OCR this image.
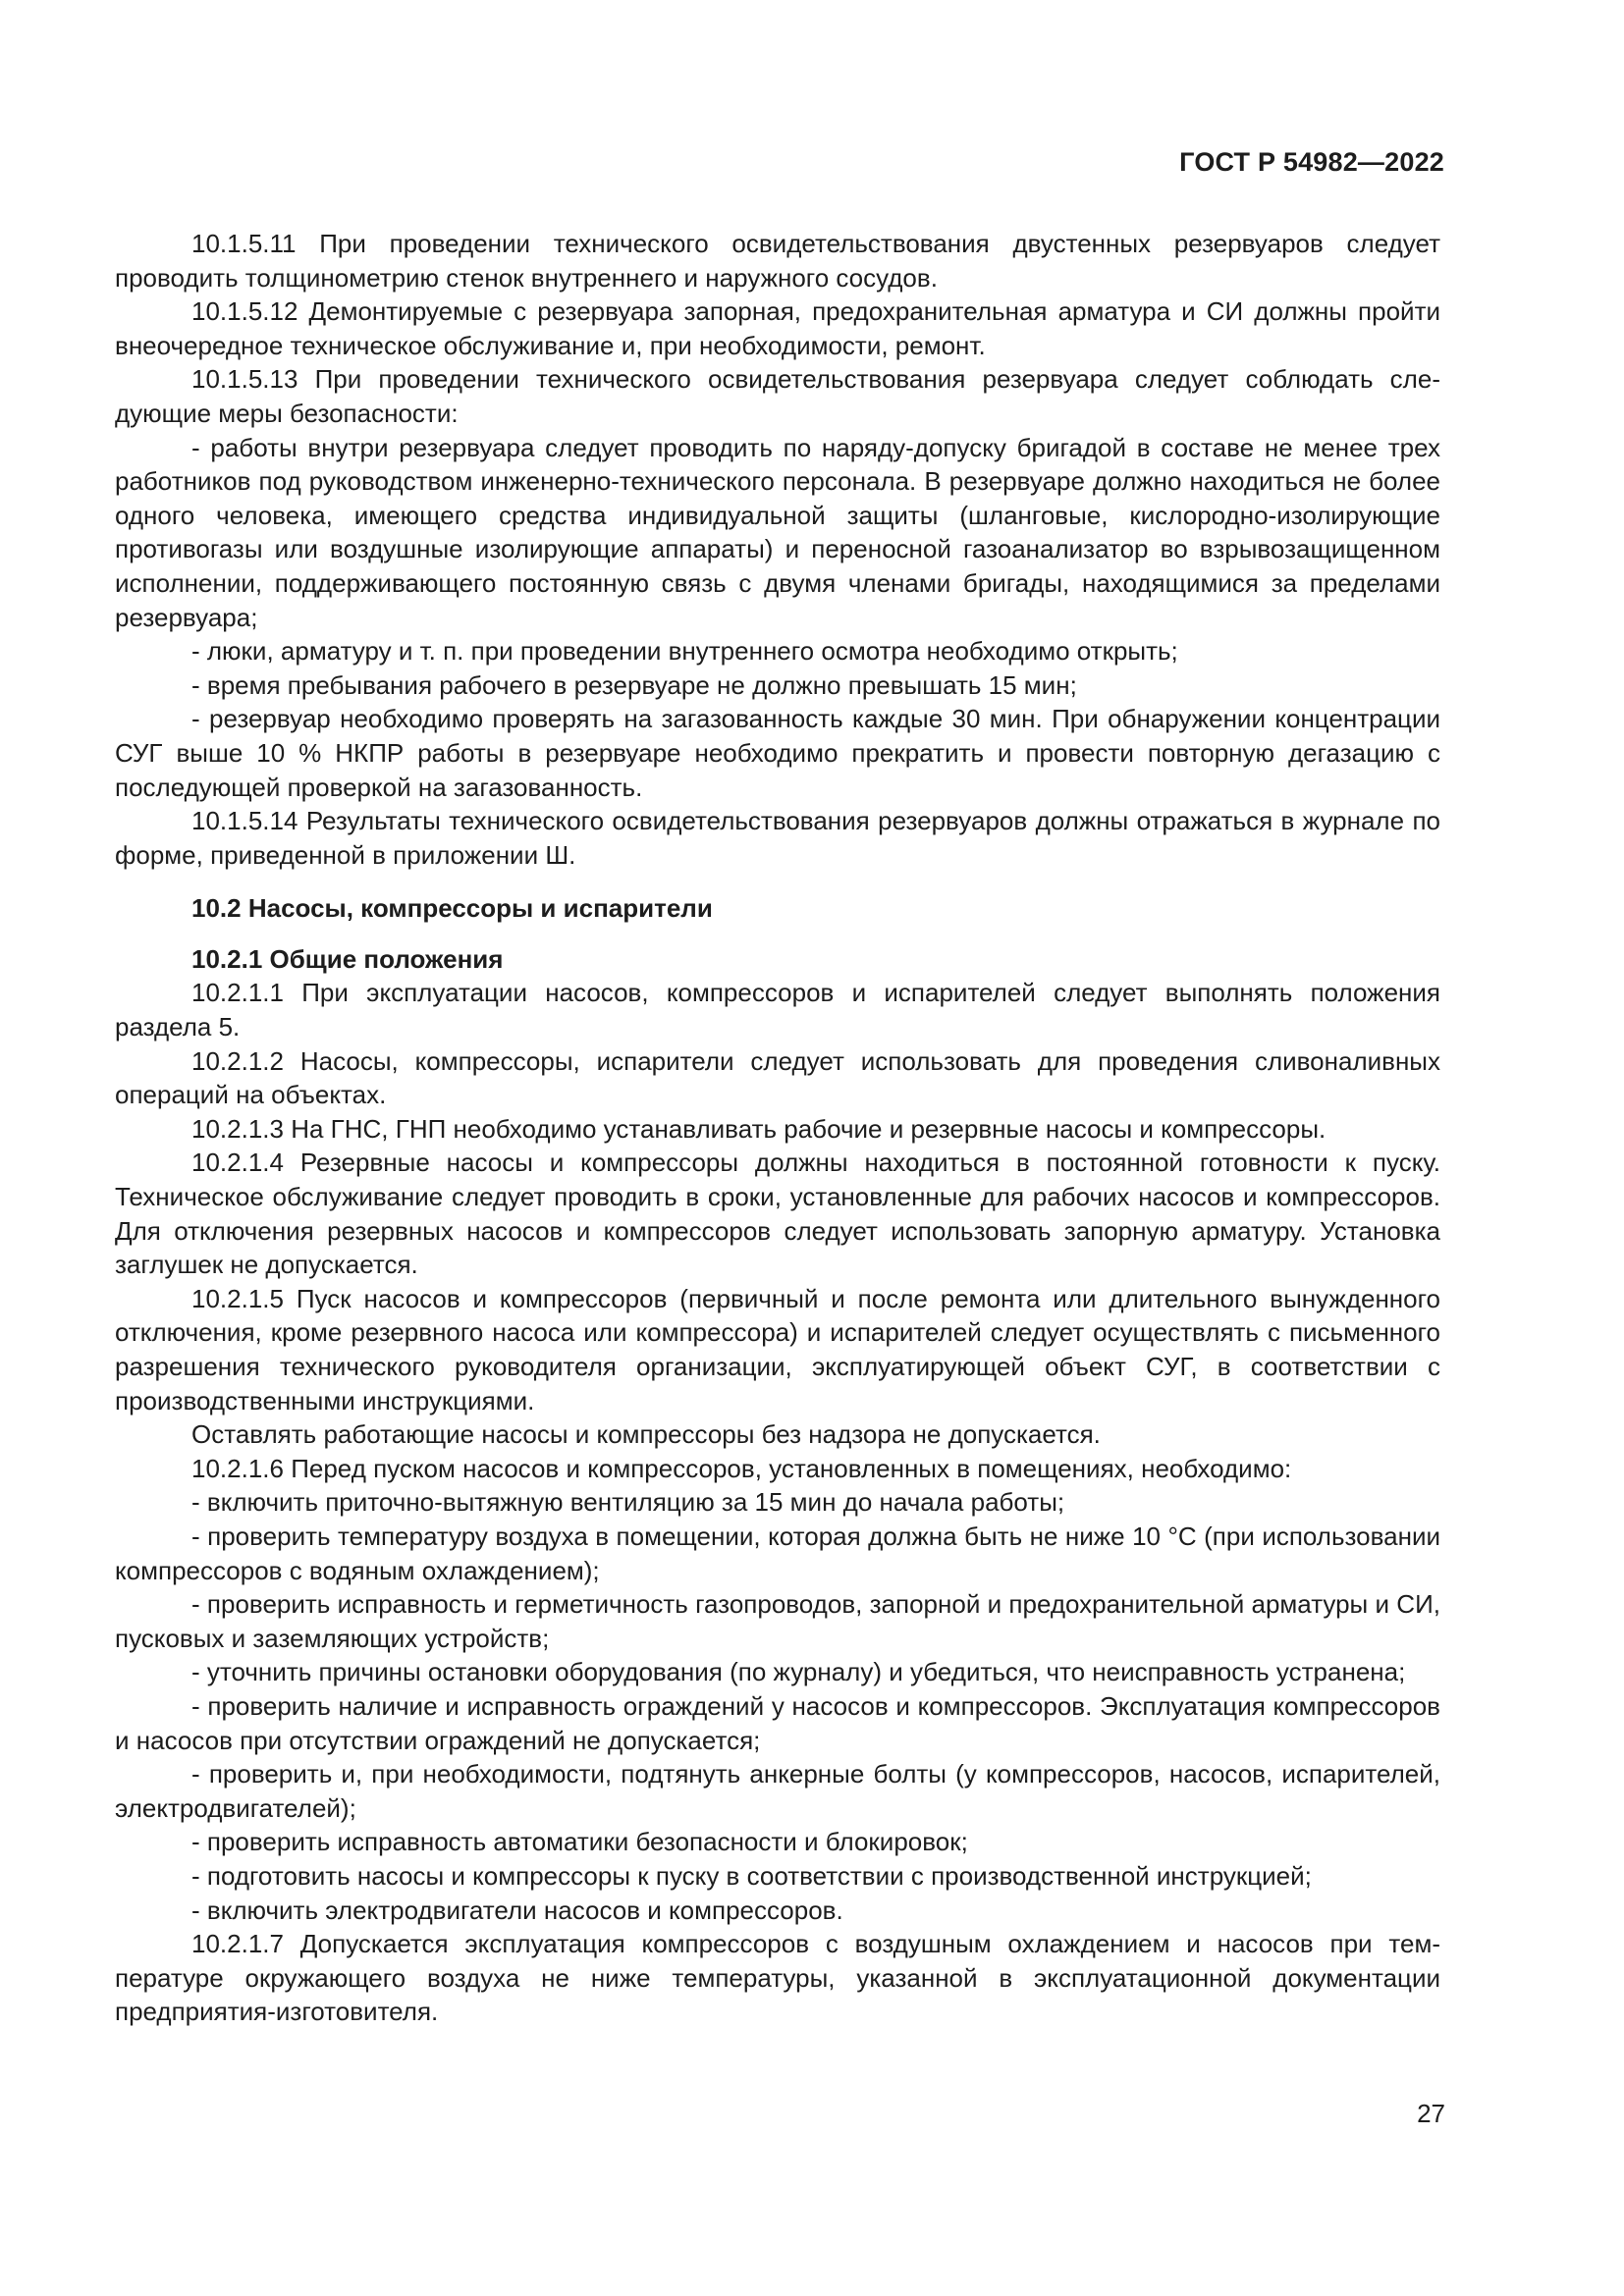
ГОСТ Р 54982—2022

10.1.5.11 При проведении технического освидетельствования двустенных резервуаров следует проводить толщинометрию стенок внутреннего и наружного сосудов.

10.1.5.12 Демонтируемые с резервуара запорная, предохранительная арматура и СИ должны пройти внеочередное техническое обслуживание и, при необходимости, ремонт.

10.1.5.13 При проведении технического освидетельствования резервуара следует соблюдать следующие меры безопасности:

- работы внутри резервуара следует проводить по наряду-допуску бригадой в составе не менее трех работников под руководством инженерно-технического персонала. В резервуаре должно находиться не более одного человека, имеющего средства индивидуальной защиты (шланговые, кислородно-изолирующие противогазы или воздушные изолирующие аппараты) и переносной газоанализатор во взрывозащищенном исполнении, поддерживающего постоянную связь с двумя членами бригады, находящимися за пределами резервуара;

- люки, арматуру и т. п. при проведении внутреннего осмотра необходимо открыть;

- время пребывания рабочего в резервуаре не должно превышать 15 мин;

- резервуар необходимо проверять на загазованность каждые 30 мин. При обнаружении концентрации СУГ выше 10 % НКПР работы в резервуаре необходимо прекратить и провести повторную дегазацию с последующей проверкой на загазованность.

10.1.5.14 Результаты технического освидетельствования резервуаров должны отражаться в журнале по форме, приведенной в приложении Ш.

10.2 Насосы, компрессоры и испарители

10.2.1 Общие положения

10.2.1.1 При эксплуатации насосов, компрессоров и испарителей следует выполнять положения раздела 5.

10.2.1.2 Насосы, компрессоры, испарители следует использовать для проведения сливоналивных операций на объектах.

10.2.1.3 На ГНС, ГНП необходимо устанавливать рабочие и резервные насосы и компрессоры.

10.2.1.4 Резервные насосы и компрессоры должны находиться в постоянной готовности к пуску. Техническое обслуживание следует проводить в сроки, установленные для рабочих насосов и компрессоров. Для отключения резервных насосов и компрессоров следует использовать запорную арматуру. Установка заглушек не допускается.

10.2.1.5 Пуск насосов и компрессоров (первичный и после ремонта или длительного вынужденного отключения, кроме резервного насоса или компрессора) и испарителей следует осуществлять с письменного разрешения технического руководителя организации, эксплуатирующей объект СУГ, в соответствии с производственными инструкциями.

Оставлять работающие насосы и компрессоры без надзора не допускается.

10.2.1.6 Перед пуском насосов и компрессоров, установленных в помещениях, необходимо:

- включить приточно-вытяжную вентиляцию за 15 мин до начала работы;

- проверить температуру воздуха в помещении, которая должна быть не ниже 10 °С (при использовании компрессоров с водяным охлаждением);

- проверить исправность и герметичность газопроводов, запорной и предохранительной арматуры и СИ, пусковых и заземляющих устройств;

- уточнить причины остановки оборудования (по журналу) и убедиться, что неисправность устранена;

- проверить наличие и исправность ограждений у насосов и компрессоров. Эксплуатация компрессоров и насосов при отсутствии ограждений не допускается;

- проверить и, при необходимости, подтянуть анкерные болты (у компрессоров, насосов, испарителей, электродвигателей);

- проверить исправность автоматики безопасности и блокировок;

- подготовить насосы и компрессоры к пуску в соответствии с производственной инструкцией;

- включить электродвигатели насосов и компрессоров.

10.2.1.7 Допускается эксплуатация компрессоров с воздушным охлаждением и насосов при температуре окружающего воздуха не ниже температуры, указанной в эксплуатационной документации предприятия-изготовителя.

27
